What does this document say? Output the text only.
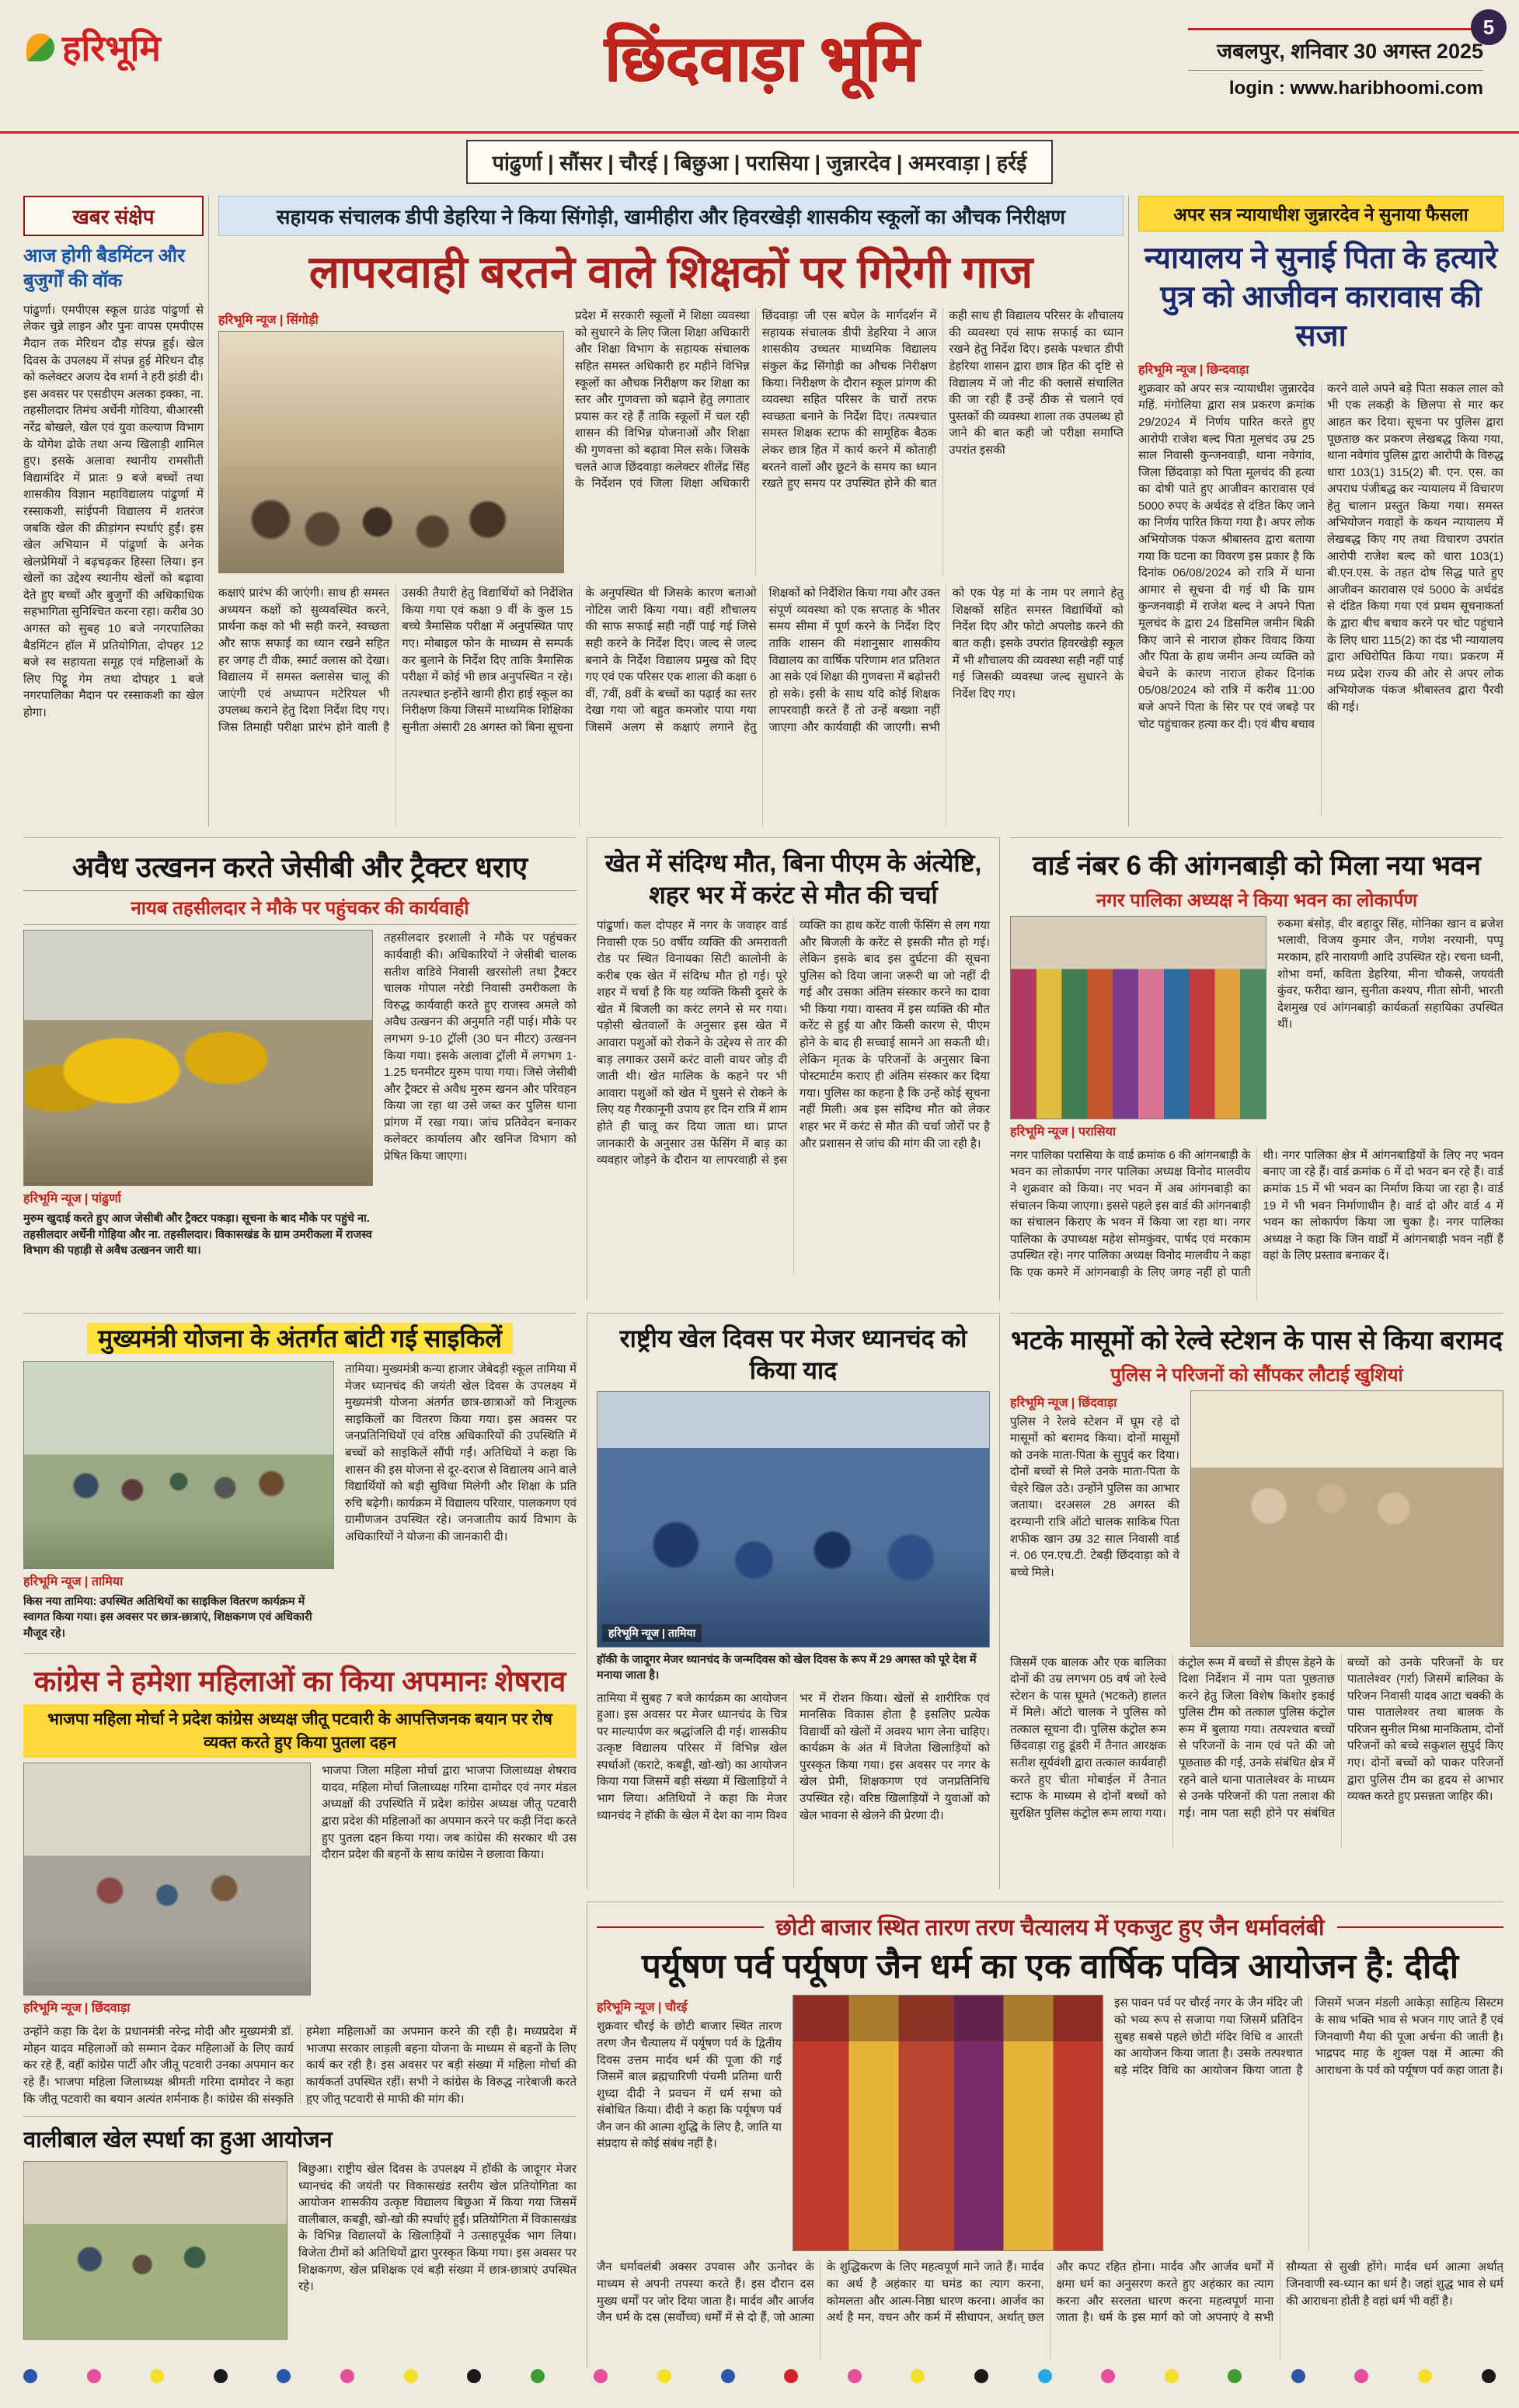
हरिभूमि	छिंदवाड़ा भूमि	जबलपुर, शनिवार 30 अगस्त 2025
login : www.haribhoomi.com
5
पांढुर्णा | सौंसर | चौरई | बिछुआ | परासिया | जुन्नारदेव | अमरवाड़ा | हर्रई
खबर संक्षेप
आज होगी बैडमिंटन और बुजुर्गों की वॉक
पांढुर्णा। एमपीएस स्कूल ग्राउंड पांढुर्णा से लेकर चुन्ने लाइन और पुनः वापस एमपीएस मैदान तक मेरिथन दौड़ संपन्न हुई। खेल दिवस के उपलक्ष्य में संपन्न हुई मेरिथन दौड़ को कलेक्टर अजय देव शर्मा ने हरी झंडी दी। इस अवसर पर एसडीएम अलका इक्का, ना. तहसीलदार तिमंच अर्धेनी गोविया, बीआरसी नरेंद्र बोखले, खेल एवं युवा कल्याण विभाग के योगेश ढोके तथा अन्य खिलाड़ी शामिल हुए। इसके अलावा स्थानीय रामसीती विद्यामंदिर में प्रातः 9 बजे बच्चों तथा शासकीय विज्ञान महाविद्यालय पांढुर्णा में रस्साकशी, सांईपनी विद्यालय में शतरंज जबकि खेल की क्रीड़ांगन स्पर्धाएं हुईं। इस खेल अभियान में पांढुर्णा के अनेक खेलप्रेमियों ने बढ़चढ़कर हिस्सा लिया। इन खेलों का उद्देश्य स्थानीय खेलों को बढ़ावा देते हुए बच्चों और बुजुर्गों की अधिकाधिक सहभागिता सुनिश्चित करना रहा। करीब 30 अगस्त को सुबह 10 बजे नगरपालिका बैडमिंटन हॉल में प्रतियोगिता, दोपहर 12 बजे स्व सहायता समूह एवं महिलाओं के लिए पिट्टू गेम तथा दोपहर 1 बजे नगरपालिका मैदान पर रस्साकशी का खेल होगा।
सहायक संचालक डीपी डेहरिया ने किया सिंगोड़ी, खामीहीरा और हिवरखेड़ी शासकीय स्कूलों का औचक निरीक्षण
लापरवाही बरतने वाले शिक्षकों पर गिरेगी गाज
हरिभूमि न्यूज | सिंगोड़ी	प्रदेश में सरकारी स्कूलों में शिक्षा व्यवस्था को सुधारने के लिए जिला शिक्षा अधिकारी और शिक्षा विभाग के सहायक संचालक सहित समस्त अधिकारी हर महीने विभिन्न स्कूलों का औचक निरीक्षण कर शिक्षा का स्तर और गुणवत्ता को बढ़ाने हेतु लगातार प्रयास कर रहे हैं ताकि स्कूलों में चल रही शासन की विभिन्न योजनाओं और शिक्षा की गुणवत्ता को बढ़ावा मिल सके। जिसके चलते आज छिंदवाड़ा कलेक्टर शीलेंद्र सिंह के निर्देशन एवं जिला शिक्षा अधिकारी छिंदवाड़ा जी एस बघेल के मार्गदर्शन में सहायक संचालक डीपी डेहरिया ने आज शासकीय उच्चतर माध्यमिक विद्यालय संकुल केंद्र सिंगोड़ी का औचक निरीक्षण किया। निरीक्षण के दौरान स्कूल प्रांगण की व्यवस्था सहित परिसर के चारों तरफ स्वच्छता बनाने के निर्देश दिए। तत्पश्चात समस्त शिक्षक स्टाफ की सामूहिक बैठक लेकर छात्र हित में कार्य करने में कोताही बरतने वालों और छूटने के समय का ध्यान रखते हुए समय पर उपस्थित होने की बात कही साथ ही विद्यालय परिसर के शौचालय की व्यवस्था एवं साफ सफाई का ध्यान रखने हेतु निर्देश दिए। इसके पश्चात डीपी डेहरिया शासन द्वारा छात्र हित की दृष्टि से विद्यालय में जो नीट की क्लासें संचालित की जा रही हैं उन्हें ठीक से चलाने एवं पुस्तकों की व्यवस्था शाला तक उपलब्ध हो जाने की बात कही जो परीक्षा समाप्ति उपरांत इसकी
कक्षाएं प्रारंभ की जाएंगी। साथ ही समस्त अध्ययन कक्षों को सुव्यवस्थित करने, प्रार्थना कक्ष को भी सही करने, स्वच्छता और साफ सफाई का ध्यान रखने सहित हर जगह टी वीक, स्मार्ट क्लास को देखा। विद्यालय में समस्त क्लासेस चालू की जाएंगी एवं अध्यापन मटेरियल भी उपलब्ध कराने हेतु दिशा निर्देश दिए गए। जिस तिमाही परीक्षा प्रारंभ होने वाली है उसकी तैयारी हेतु विद्यार्थियों को निर्देशित किया गया एवं कक्षा 9 वीं के कुल 15 बच्चे त्रैमासिक परीक्षा में अनुपस्थित पाए गए। मोबाइल फोन के माध्यम से सम्पर्क कर बुलाने के निर्देश दिए ताकि त्रैमासिक परीक्षा में कोई भी छात्र अनुपस्थित न रहे। तत्पश्चात इन्होंने खामी हीरा हाई स्कूल का निरीक्षण किया जिसमें माध्यमिक शिक्षिका सुनीता अंसारी 28 अगस्त को बिना सूचना के अनुपस्थित थी जिसके कारण बताओ नोटिस जारी किया गया। वहीं शौचालय की साफ सफाई सही नहीं पाई गई जिसे सही करने के निर्देश दिए। जल्द से जल्द बनाने के निर्देश विद्यालय प्रमुख को दिए गए एवं एक परिसर एक शाला की कक्षा 6 वीं, 7वीं, 8वीं के बच्चों का पढ़ाई का स्तर देखा गया जो बहुत कमजोर पाया गया जिसमें अलग से कक्षाएं लगाने हेतु शिक्षकों को निर्देशित किया गया और उक्त संपूर्ण व्यवस्था को एक सप्ताह के भीतर समय सीमा में पूर्ण करने के निर्देश दिए ताकि शासन की मंशानुसार शासकीय विद्यालय का वार्षिक परिणाम शत प्रतिशत आ सके एवं शिक्षा की गुणवत्ता में बढ़ोत्तरी हो सके। इसी के साथ यदि कोई शिक्षक लापरवाही करते हैं तो उन्हें बख्शा नहीं जाएगा और कार्यवाही की जाएगी। सभी को एक पेड़ मां के नाम पर लगाने हेतु शिक्षकों सहित समस्त विद्यार्थियों को निर्देश दिए और फोटो अपलोड करने की बात कही। इसके उपरांत हिवरखेड़ी स्कूल में भी शौचालय की व्यवस्था सही नहीं पाई गई जिसकी व्यवस्था जल्द सुधारने के निर्देश दिए गए।
अपर सत्र न्यायाधीश जुन्नारदेव ने सुनाया फैसला
न्यायालय ने सुनाई पिता के हत्यारे पुत्र को आजीवन कारावास की सजा
हरिभूमि न्यूज | छिन्दवाड़ा
शुक्रवार को अपर सत्र न्यायाधीश जुन्नारदेव महिं. मंगोलिया द्वारा सत्र प्रकरण क्रमांक 29/2024 में निर्णय पारित करते हुए आरोपी राजेश बल्द पिता मूलचंद उम्र 25 साल निवासी कुन्जनवाड़ी, थाना नवेगांव, जिला छिंदवाड़ा को पिता मूलचंद की हत्या का दोषी पाते हुए आजीवन कारावास एवं 5000 रुपए के अर्थदंड से दंडित किए जाने का निर्णय पारित किया गया है। अपर लोक अभियोजक पंकज श्रीबास्तव द्वारा बताया गया कि घटना का विवरण इस प्रकार है कि दिनांक 06/08/2024 को रात्रि में थाना आमार से सूचना दी गई थी कि ग्राम कुन्जनवाड़ी में राजेश बल्द ने अपने पिता मूलचंद के द्वारा 24 डिसमिल जमीन बिक्री किए जाने से नाराज होकर विवाद किया और पिता के हाथ जमीन अन्य व्यक्ति को बेचने के कारण नाराज होकर दिनांक 05/08/2024 को रात्रि में करीब 11:00 बजे अपने पिता के सिर पर एवं जबड़े पर चोट पहुंचाकर हत्या कर दी। एवं बीच बचाव करने वाले अपने बड़े पिता सकल लाल को भी एक लकड़ी के छिलपा से मार कर आहत कर दिया। सूचना पर पुलिस द्वारा पूछताछ कर प्रकरण लेखबद्ध किया गया, थाना नवेगांव पुलिस द्वारा आरोपी के विरुद्ध धारा 103(1) 315(2) बी. एन. एस. का अपराध पंजीबद्ध कर न्यायालय में विचारण हेतु चालान प्रस्तुत किया गया। समस्त अभियोजन गवाहों के कथन न्यायालय में लेखबद्ध किए गए तथा विचारण उपरांत आरोपी राजेश बल्द को धारा 103(1) बी.एन.एस. के तहत दोष सिद्ध पाते हुए आजीवन कारावास एवं 5000 के अर्थदंड से दंडित किया गया एवं प्रथम सूचनाकर्ता के द्वारा बीच बचाव करने पर चोट पहुंचाने के लिए धारा 115(2) का दंड भी न्यायालय द्वारा अधिरोपित किया गया। प्रकरण में मध्य प्रदेश राज्य की ओर से अपर लोक अभियोजक पंकज श्रीबास्तव द्वारा पैरवी की गई।
अवैध उत्खनन करते जेसीबी और ट्रैक्टर धराए
नायब तहसीलदार ने मौके पर पहुंचकर की कार्यवाही
हरिभूमि न्यूज | पांढुर्णा
मुरुम खुदाई करते हुए आज जेसीबी और ट्रैक्टर पकड़ा। सूचना के बाद मौके पर पहुंचे ना. तहसीलदार अर्धेनी गोहिया और ना. तहसीलदार। विकासखंड के ग्राम उमरीकला में राजस्व विभाग की पहाड़ी से अवैध उत्खनन जारी था।
तहसीलदार इरशाली ने मौके पर पहुंचकर कार्यवाही की। अधिकारियों ने जेसीबी चालक सतीश वाडिवे निवासी खरसोली तथा ट्रैक्टर चालक गोपाल नरेडी निवासी उमरीकला के विरुद्ध कार्यवाही करते हुए राजस्व अमले को अवैध उत्खनन की अनुमति नहीं पाई। मौके पर लगभग 9-10 ट्रॉली (30 घन मीटर) उत्खनन किया गया। इसके अलावा ट्रॉली में लगभग 1-1.25 घनमीटर मुरुम पाया गया। जिसे जेसीबी और ट्रैक्टर से अवैध मुरुम खनन और परिवहन किया जा रहा था उसे जब्त कर पुलिस थाना प्रांगण में रखा गया। जांच प्रतिवेदन बनाकर कलेक्टर कार्यालय और खनिज विभाग को प्रेषित किया जाएगा।
खेत में संदिग्ध मौत, बिना पीएम के अंत्येष्टि, शहर भर में करंट से मौत की चर्चा
पांढुर्णा। कल दोपहर में नगर के जवाहर वार्ड निवासी एक 50 वर्षीय व्यक्ति की अमरावती रोड पर स्थित विनायका सिटी कालोनी के करीब एक खेत में संदिग्ध मौत हो गई। पूरे शहर में चर्चा है कि यह व्यक्ति किसी दूसरे के खेत में बिजली का करंट लगने से मर गया। पड़ोसी खेतवालों के अनुसार इस खेत में आवारा पशुओं को रोकने के उद्देश्य से तार की बाड़ लगाकर उसमें करंट वाली वायर जोड़ दी जाती थी। खेत मालिक के कहने पर भी आवारा पशुओं को खेत में घुसने से रोकने के लिए यह गैरकानूनी उपाय हर दिन रात्रि में शाम होते ही चालू कर दिया जाता था। प्राप्त जानकारी के अनुसार उस फेंसिंग में बाड़ का व्यवहार जोड़ने के दौरान या लापरवाही से इस व्यक्ति का हाथ करेंट वाली फेंसिंग से लग गया और बिजली के करेंट से इसकी मौत हो गई। लेकिन इसके बाद इस दुर्घटना की सूचना पुलिस को दिया जाना जरूरी था जो नहीं दी गई और उसका अंतिम संस्कार करने का दावा भी किया गया। वास्तव में इस व्यक्ति की मौत करेंट से हुई या और किसी कारण से, पीएम होने के बाद ही सच्चाई सामने आ सकती थी। लेकिन मृतक के परिजनों के अनुसार बिना पोस्टमार्टम कराए ही अंतिम संस्कार कर दिया गया। पुलिस का कहना है कि उन्हें कोई सूचना नहीं मिली। अब इस संदिग्ध मौत को लेकर शहर भर में करंट से मौत की चर्चा जोरों पर है और प्रशासन से जांच की मांग की जा रही है।
वार्ड नंबर 6 की आंगनबाड़ी को मिला नया भवन
नगर पालिका अध्यक्ष ने किया भवन का लोकार्पण
हरिभूमि न्यूज | परासिया
रुकमा बंसोड़, वीर बहादुर सिंह, मोनिका खान व ब्रजेश भलावी, विजय कुमार जैन, गणेश नरयानी, पप्पू मरकाम, हरि नारायणी आदि उपस्थित रहे। रचना ध्वनी, शोभा वर्मा, कविता डेहरिया, मीना चौकसे, जयवंती कुंवर, फरीदा खान, सुनीता कश्यप, गीता सोनी, भारती देशमुख एवं आंगनबाड़ी कार्यकर्ता सहायिका उपस्थित थीं।
नगर पालिका परासिया के वार्ड क्रमांक 6 की आंगनबाड़ी के भवन का लोकार्पण नगर पालिका अध्यक्ष विनोद मालवीय ने शुक्रवार को किया। नए भवन में अब आंगनबाड़ी का संचालन किया जाएगा। इससे पहले इस वार्ड की आंगनबाड़ी का संचालन किराए के भवन में किया जा रहा था। नगर पालिका के उपाध्यक्ष महेश सोमकुंवर, पार्षद एवं मरकाम उपस्थित रहे। नगर पालिका अध्यक्ष विनोद मालवीय ने कहा कि एक कमरे में आंगनबाड़ी के लिए जगह नहीं हो पाती थी। नगर पालिका क्षेत्र में आंगनबाड़ियों के लिए नए भवन बनाए जा रहे हैं। वार्ड क्रमांक 6 में दो भवन बन रहे हैं। वार्ड क्रमांक 15 में भी भवन का निर्माण किया जा रहा है। वार्ड 19 में भी भवन निर्माणाधीन है। वार्ड दो और वार्ड 4 में भवन का लोकार्पण किया जा चुका है। नगर पालिका अध्यक्ष ने कहा कि जिन वार्डों में आंगनबाड़ी भवन नहीं हैं वहां के लिए प्रस्ताव बनाकर दें।
मुख्यमंत्री योजना के अंतर्गत बांटी गई साइकिलें
हरिभूमि न्यूज | तामिया
किस नया तामिया: उपस्थित अतिथियों का साइकिल वितरण कार्यक्रम में स्वागत किया गया। इस अवसर पर छात्र-छात्राएं, शिक्षकगण एवं अधिकारी मौजूद रहे।
तामिया। मुख्यमंत्री कन्या हाजार जेबेदड़ी स्कूल तामिया में मेजर ध्यानचंद की जयंती खेल दिवस के उपलक्ष्य में मुख्यमंत्री योजना अंतर्गत छात्र-छात्राओं को निःशुल्क साइकिलों का वितरण किया गया। इस अवसर पर जनप्रतिनिधियों एवं वरिष्ठ अधिकारियों की उपस्थिति में बच्चों को साइकिलें सौंपी गईं। अतिथियों ने कहा कि शासन की इस योजना से दूर-दराज से विद्यालय आने वाले विद्यार्थियों को बड़ी सुविधा मिलेगी और शिक्षा के प्रति रुचि बढ़ेगी। कार्यक्रम में विद्यालय परिवार, पालकगण एवं ग्रामीणजन उपस्थित रहे। जनजातीय कार्य विभाग के अधिकारियों ने योजना की जानकारी दी।
राष्ट्रीय खेल दिवस पर मेजर ध्यानचंद को किया याद
हरिभूमि न्यूज | तामिया
हॉकी के जादूगर मेजर ध्यानचंद के जन्मदिवस को खेल दिवस के रूप में 29 अगस्त को पूरे देश में मनाया जाता है।
तामिया में सुबह 7 बजे कार्यक्रम का आयोजन हुआ। इस अवसर पर मेजर ध्यानचंद के चित्र पर माल्यार्पण कर श्रद्धांजलि दी गई। शासकीय उत्कृष्ट विद्यालय परिसर में विभिन्न खेल स्पर्धाओं (कराटे, कबड्डी, खो-खो) का आयोजन किया गया जिसमें बड़ी संख्या में खिलाड़ियों ने भाग लिया। अतिथियों ने कहा कि मेजर ध्यानचंद ने हॉकी के खेल में देश का नाम विश्व भर में रोशन किया। खेलों से शारीरिक एवं मानसिक विकास होता है इसलिए प्रत्येक विद्यार्थी को खेलों में अवश्य भाग लेना चाहिए। कार्यक्रम के अंत में विजेता खिलाड़ियों को पुरस्कृत किया गया। इस अवसर पर नगर के खेल प्रेमी, शिक्षकगण एवं जनप्रतिनिधि उपस्थित रहे। वरिष्ठ खिलाड़ियों ने युवाओं को खेल भावना से खेलने की प्रेरणा दी।
भटके मासूमों को रेल्वे स्टेशन के पास से किया बरामद
पुलिस ने परिजनों को सौंपकर लौटाई खुशियां
हरिभूमि न्यूज | छिंदवाड़ा
पुलिस ने रेलवे स्टेशन में घूम रहे दो मासूमों को बरामद किया। दोनों मासूमों को उनके माता-पिता के सुपुर्द कर दिया। दोनों बच्चों से मिले उनके माता-पिता के चेहरे खिल उठे। उन्होंने पुलिस का आभार जताया। दरअसल 28 अगस्त की दरम्यानी रात्रि ऑटो चालक साकिब पिता शफीक खान उम्र 32 साल निवासी वार्ड नं. 06 एन.एच.टी. टेबड़ी छिंदवाड़ा को वे बच्चे मिले।
जिसमें एक बालक और एक बालिका दोनों की उम्र लगभग 05 वर्ष जो रेल्वे स्टेशन के पास घूमते (भटकते) हालत में मिले। ऑटो चालक ने पुलिस को तत्काल सूचना दी। पुलिस कंट्रोल रूम छिंदवाड़ा राहु डूंडरी में तैनात आरक्षक सतीश सूर्यवंशी द्वारा तत्काल कार्यवाही करते हुए चीता मोबाईल में तैनात स्टाफ के माध्यम से दोनों बच्चों को सुरक्षित पुलिस कंट्रोल रूम लाया गया। कंट्रोल रूम में बच्चों से डीएस डेहने के दिशा निर्देशन में नाम पता पूछताछ करने हेतु जिला विशेष किशोर इकाई पुलिस टीम को तत्काल पुलिस कंट्रोल रूम में बुलाया गया। तत्पश्चात बच्चों से परिजनों के नाम एवं पते की जो पूछताछ की गई, उनके संबंधित क्षेत्र में रहने वाले थाना पातालेश्वर के माध्यम से उनके परिजनों की पता तलाश की गई। नाम पता सही होने पर संबंधित बच्चों को उनके परिजनों के घर पातालेश्वर (गर्रा) जिसमें बालिका के परिजन निवासी यादव आटा चक्की के पास पातालेश्वर तथा बालक के परिजन सुनील मिश्रा मानकिताम, दोनों परिजनों को बच्चे सकुशल सुपुर्द किए गए। दोनों बच्चों को पाकर परिजनों द्वारा पुलिस टीम का हृदय से आभार व्यक्त करते हुए प्रसन्नता जाहिर की।
कांग्रेस ने हमेशा महिलाओं का किया अपमानः शेषराव
भाजपा महिला मोर्चा ने प्रदेश कांग्रेस अध्यक्ष जीतू पटवारी के आपत्तिजनक बयान पर रोष व्यक्त करते हुए किया पुतला दहन
हरिभूमि न्यूज | छिंदवाड़ा
भाजपा जिला महिला मोर्चा द्वारा भाजपा जिलाध्यक्ष शेषराव यादव, महिला मोर्चा जिलाध्यक्ष गरिमा दामोदर एवं नगर मंडल अध्यक्षों की उपस्थिति में प्रदेश कांग्रेस अध्यक्ष जीतू पटवारी द्वारा प्रदेश की महिलाओं का अपमान करने पर कड़ी निंदा करते हुए पुतला दहन किया गया। जब कांग्रेस की सरकार थी उस दौरान प्रदेश की बहनों के साथ कांग्रेस ने छलावा किया।
उन्होंने कहा कि देश के प्रधानमंत्री नरेन्द्र मोदी और मुख्यमंत्री डॉ. मोहन यादव महिलाओं को सम्मान देकर महिलाओं के लिए कार्य कर रहे हैं, वहीं कांग्रेस पार्टी और जीतू पटवारी उनका अपमान कर रहे हैं। भाजपा महिला जिलाध्यक्ष श्रीमती गरिमा दामोदर ने कहा कि जीतू पटवारी का बयान अत्यंत शर्मनाक है। कांग्रेस की संस्कृति हमेशा महिलाओं का अपमान करने की रही है। मध्यप्रदेश में भाजपा सरकार लाड़ली बहना योजना के माध्यम से बहनों के लिए कार्य कर रही है। इस अवसर पर बड़ी संख्या में महिला मोर्चा की कार्यकर्ता उपस्थित रहीं। सभी ने कांग्रेस के विरुद्ध नारेबाजी करते हुए जीतू पटवारी से माफी की मांग की।
वालीबाल खेल स्पर्धा का हुआ आयोजन
बिछुआ। राष्ट्रीय खेल दिवस के उपलक्ष्य में हॉकी के जादूगर मेजर ध्यानचंद की जयंती पर विकासखंड स्तरीय खेल प्रतियोगिता का आयोजन शासकीय उत्कृष्ट विद्यालय बिछुआ में किया गया जिसमें वालीबाल, कबड्डी, खो-खो की स्पर्धाएं हुईं। प्रतियोगिता में विकासखंड के विभिन्न विद्यालयों के खिलाड़ियों ने उत्साहपूर्वक भाग लिया। विजेता टीमों को अतिथियों द्वारा पुरस्कृत किया गया। इस अवसर पर शिक्षकगण, खेल प्रशिक्षक एवं बड़ी संख्या में छात्र-छात्राएं उपस्थित रहे।
छोटी बाजार स्थित तारण तरण चैत्यालय में एकजुट हुए जैन धर्मावलंबी
पर्यूषण पर्व पर्यूषण जैन धर्म का एक वार्षिक पवित्र आयोजन है: दीदी
हरिभूमि न्यूज | चौरई
शुक्रवार चौरई के छोटी बाजार स्थित तारण तरण जैन चैत्यालय में पर्यूषण पर्व के द्वितीय दिवस उत्तम मार्दव धर्म की पूजा की गई जिसमें बाल ब्रह्मचारिणी पंचमी प्रतिमा धारी शुध्दा दीदी ने प्रवचन में धर्म सभा को संबोधित किया। दीदी ने कहा कि पर्यूषण पर्व जैन जन की आत्मा शुद्धि के लिए है, जाति या संप्रदाय से कोई संबंध नहीं है।
इस पावन पर्व पर चौरई नगर के जैन मंदिर जी को भव्य रूप से सजाया गया जिसमें प्रतिदिन सुबह सबसे पहले छोटी मंदिर विधि व आरती का आयोजन किया जाता है। उसके तत्पश्चात बड़े मंदिर विधि का आयोजन किया जाता है जिसमें भजन मंडली आकेड़ा साहित्य सिस्टम के साथ भक्ति भाव से भजन गाए जाते हैं एवं जिनवाणी मैया की पूजा अर्चना की जाती है। भाद्रपद माह के शुक्ल पक्ष में आत्मा की आराधना के पर्व को पर्यूषण पर्व कहा जाता है।
जैन धर्मावलंबी अक्सर उपवास और ऊनोदर के माध्यम से अपनी तपस्या करते हैं। इस दौरान दस मुख्य धर्मों पर जोर दिया जाता है। मार्दव और आर्जव जैन धर्म के दस (सर्वोच्च) धर्मों में से दो हैं, जो आत्मा के शुद्धिकरण के लिए महत्वपूर्ण माने जाते हैं। मार्दव का अर्थ है अहंकार या घमंड का त्याग करना, कोमलता और आत्म-निष्ठा धारण करना। आर्जव का अर्थ है मन, वचन और कर्म में सीधापन, अर्थात् छल और कपट रहित होना। मार्दव और आर्जव धर्मों में क्षमा धर्म का अनुसरण करते हुए अहंकार का त्याग करना और सरलता धारण करना महत्वपूर्ण माना जाता है। धर्म के इस मार्ग को जो अपनाएं वे सभी सौम्यता से सुखी होंगे। मार्दव धर्म आत्मा अर्थात् जिनवाणी स्व-ध्यान का धर्म है। जहां शुद्ध भाव से धर्म की आराधना होती है वहां धर्म भी वहीं है।
